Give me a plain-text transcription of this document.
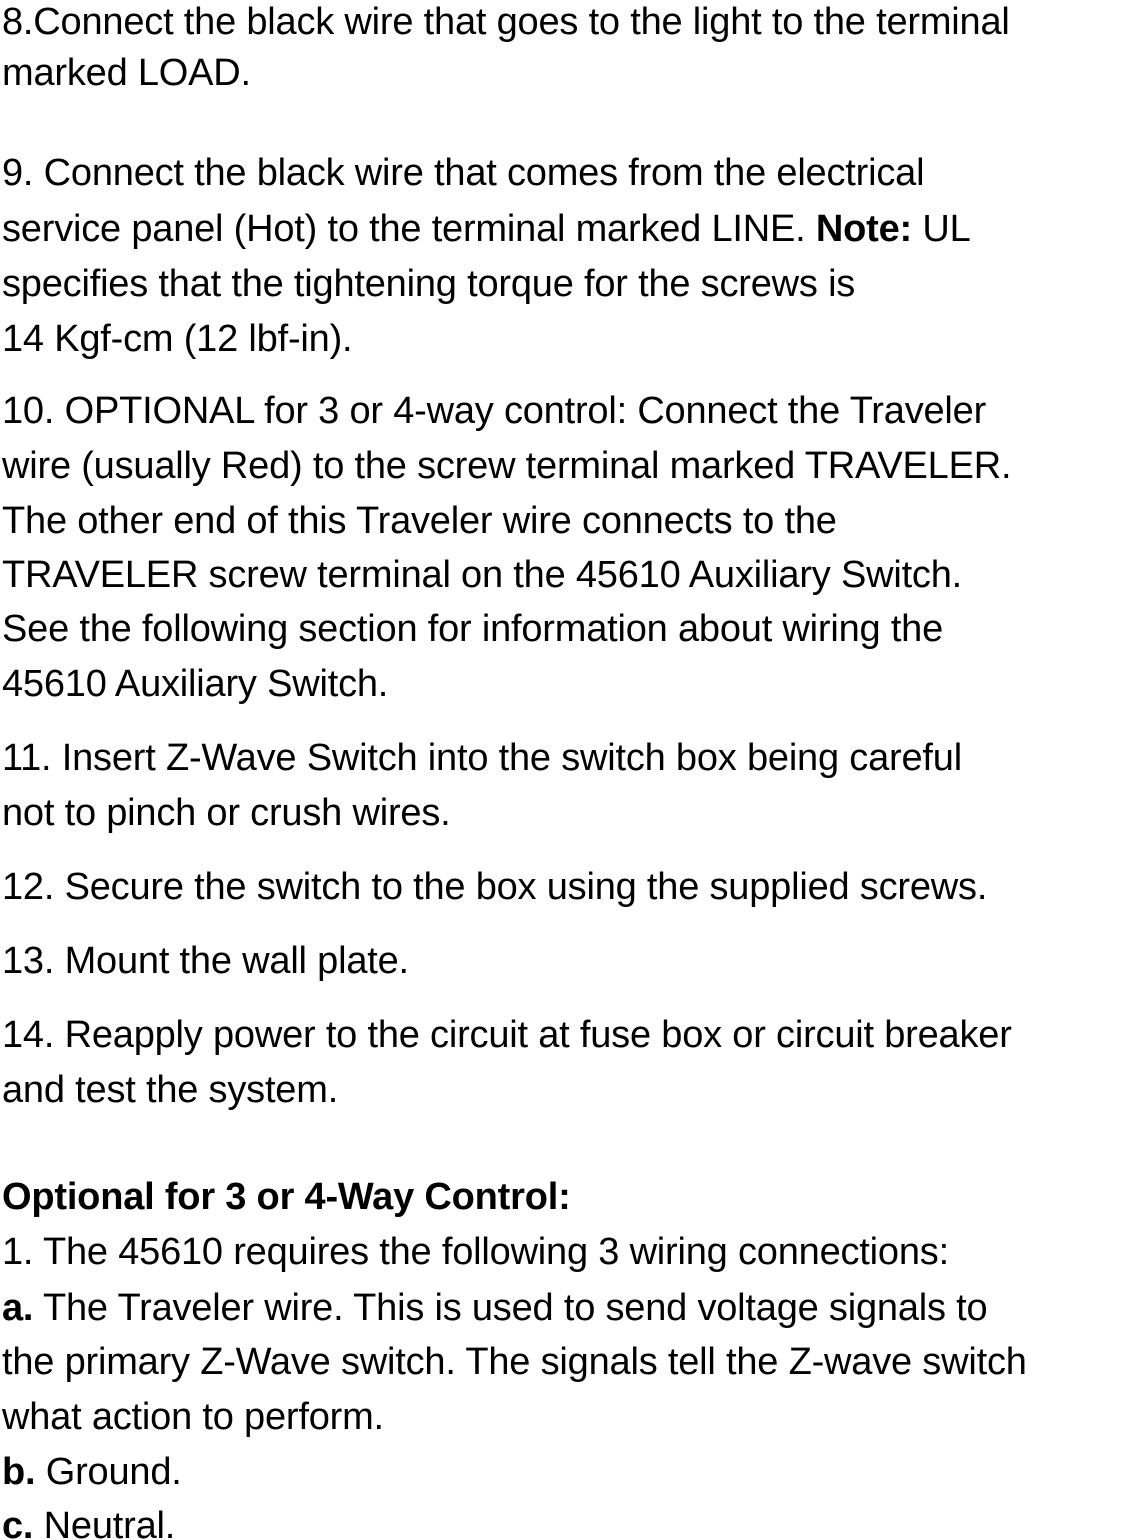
8.Connect the black wire that goes to the light to the terminal

marked LOAD.

9. Connect the black wire that comes from the electrical

service panel (Hot) to the terminal marked LINE. Note: UL

specifies that the tightening torque for the screws is

14 Kgf-cm (12 lbf-in).

10. OPTIONAL for 3 or 4-way control: Connect the Traveler

wire (usually Red) to the screw terminal marked TRAVELER.

The other end of this Traveler wire connects to the

TRAVELER screw terminal on the 45610 Auxiliary Switch.

See the following section for information about wiring the

45610 Auxiliary Switch.

11. Insert Z-Wave Switch into the switch box being careful

not to pinch or crush wires.

12. Secure the switch to the box using the supplied screws.

13. Mount the wall plate.

14. Reapply power to the circuit at fuse box or circuit breaker

and test the system.

Optional for 3 or 4-Way Control:

1. The 45610 requires the following 3 wiring connections:

a. The Traveler wire. This is used to send voltage signals to

the primary Z-Wave switch. The signals tell the Z-wave switch

what action to perform.

b. Ground.

c. Neutral.
